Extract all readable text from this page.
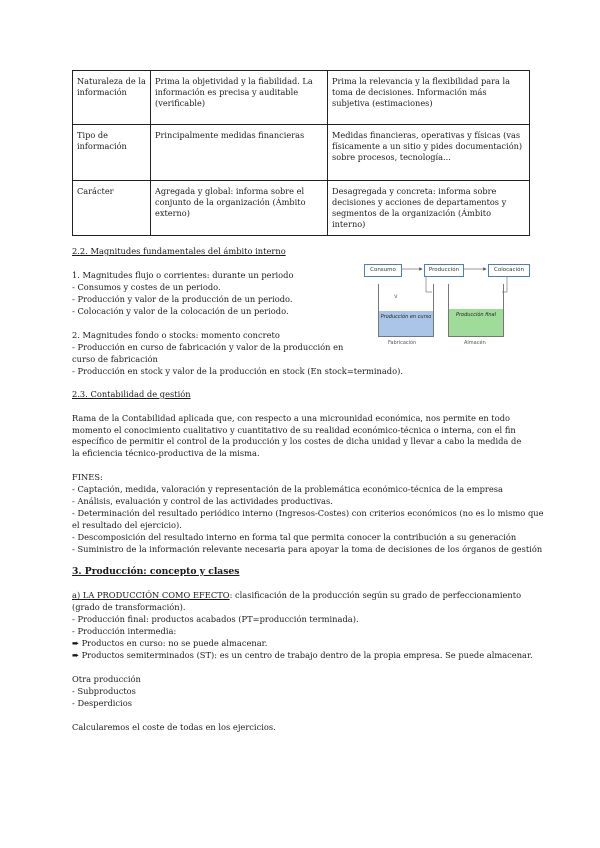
Naturaleza de la información	Prima la objetividad y la fiabilidad. La información es precisa y auditable (verificable)	Prima la relevancia y la flexibilidad para la toma de decisiones. Información más subjetiva (estimaciones)
Tipo de información	Principalmente medidas financieras	Medidas financieras, operativas y físicas (vas físicamente a un sitio y pides documentación) sobre procesos, tecnología...
Carácter	Agregada y global: informa sobre el conjunto de la organización (Ámbito externo)	Desagregada y concreta: informa sobre decisiones y acciones de departamentos y segmentos de la organización (Ámbito interno)
2.2. Magnitudes fundamentales del ámbito interno
1. Magnitudes flujo o corrientes: durante un periodo
- Consumos y costes de un periodo.
- Producción y valor de la producción de un periodo.
- Colocación y valor de la colocación de un periodo.
2. Magnitudes fondo o stocks: momento concreto
- Producción en curso de fabricación y valor de la producción en
curso de fabricación
- Producción en stock y valor de la producción en stock (En stock=terminado).
v
Consumo	Producción	Colocación
Producción en curso	Producción final
Fabricación	Almacén
2.3. Contabilidad de gestión
Rama de la Contabilidad aplicada que, con respecto a una microunidad económica, nos permite en todo momento el conocimiento cualitativo y cuantitativo de su realidad económico-técnica o interna, con el fin específico de permitir el control de la producción y los costes de dicha unidad y llevar a cabo la medida de la eficiencia técnico-productiva de la misma.
FINES:
- Captación, medida, valoración y representación de la problemática económico-técnica de la empresa
- Análisis, evaluación y control de las actividades productivas.
- Determinación del resultado periódico interno (Ingresos-Costes) con criterios económicos (no es lo mismo que
el resultado del ejercicio).
- Descomposición del resultado interno en forma tal que permita conocer la contribución a su generación
- Suministro de la información relevante necesaria para apoyar la toma de decisiones de los órganos de gestión
3. Producción: concepto y clases
a) LA PRODUCCIÓN COMO EFECTO: clasificación de la producción según su grado de perfeccionamiento
(grado de transformación).
- Producción final: productos acabados (PT=producción terminada).
- Producción intermedia:
➨ Productos en curso: no se puede almacenar.
➨ Productos semiterminados (ST): es un centro de trabajo dentro de la propia empresa. Se puede almacenar.
Otra producción
- Subproductos
- Desperdicios
Calcularemos el coste de todas en los ejercicios.
